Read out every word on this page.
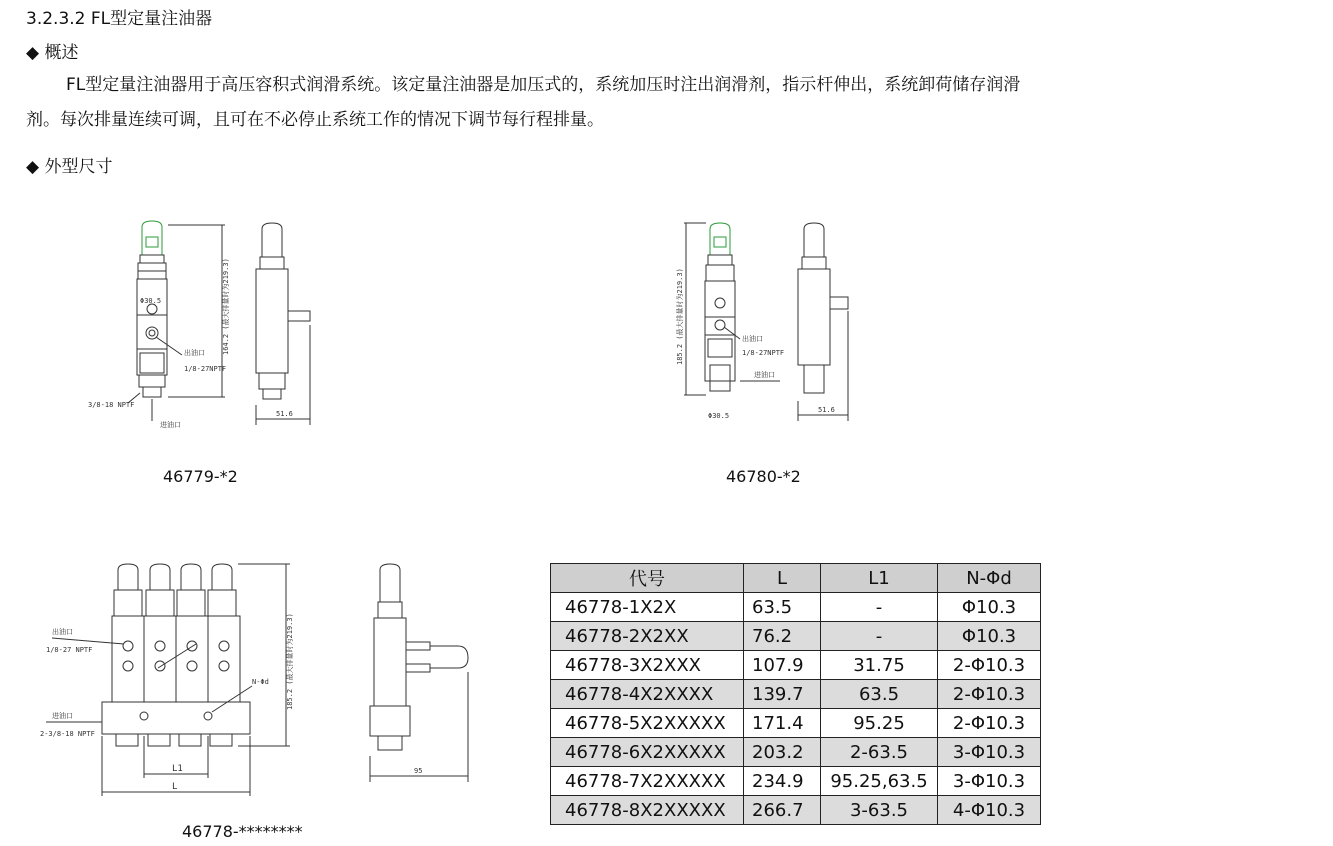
3.2.3.2 FL型定量注油器
◆ 概述
FL型定量注油器用于高压容积式润滑系统。该定量注油器是加压式的，系统加压时注出润滑剂，指示杆伸出，系统卸荷储存润滑剂。每次排量连续可调，且可在不必停止系统工作的情况下调节每行程排量。
◆ 外型尺寸
Φ30.5	164.2 (最大排量时为219.3)
出油口
1/8-27NPTF
3/8-18 NPTF
进油口
51.6
46779-*2
185.2 (最大排量时为219.3)	出油口
1/8-27NPTF
进油口
Φ30.5
51.6
46780-*2
出油口
1/8-27 NPTF
进油口
2-3/8-18 NPTF
N-Φd 185.2 (最大排量时为219.3)
L1
L
95
46778-********
代号	L	L1	N-Φd
46778-1X2X	63.5	-	Φ10.3
46778-2X2XX	76.2	-	Φ10.3
46778-3X2XXX	107.9	31.75	2-Φ10.3
46778-4X2XXXX	139.7	63.5	2-Φ10.3
46778-5X2XXXXX	171.4	95.25	2-Φ10.3
46778-6X2XXXXX	203.2	2-63.5	3-Φ10.3
46778-7X2XXXXX	234.9	95.25,63.5	3-Φ10.3
46778-8X2XXXXX	266.7	3-63.5	4-Φ10.3
